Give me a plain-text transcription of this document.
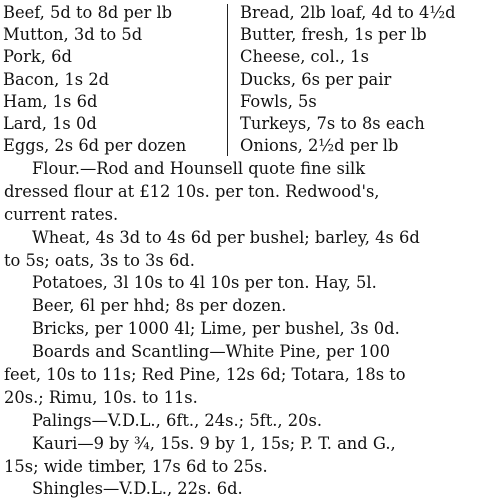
Beef, 5d to 8d per lb
Mutton, 3d to 5d
Pork, 6d
Bacon, 1s 2d
Ham, 1s 6d
Lard, 1s 0d
Eggs, 2s 6d per dozen
Bread, 2lb loaf, 4d to 4½d
Butter, fresh, 1s per lb
Cheese, col., 1s
Ducks, 6s per pair
Fowls, 5s
Turkeys, 7s to 8s each
Onions, 2½d per lb
Flour.—Rod and Hounsell quote fine silk
dressed flour at £12 10s. per ton. Redwood's,
current rates.
Wheat, 4s 3d to 4s 6d per bushel; barley, 4s 6d
to 5s; oats, 3s to 3s 6d.
Potatoes, 3l 10s to 4l 10s per ton. Hay, 5l.
Beer, 6l per hhd; 8s per dozen.
Bricks, per 1000 4l; Lime, per bushel, 3s 0d.
Boards and Scantling—White Pine, per 100
feet, 10s to 11s; Red Pine, 12s 6d; Totara, 18s to
20s.; Rimu, 10s. to 11s.
Palings—V.D.L., 6ft., 24s.; 5ft., 20s.
Kauri—9 by ¾, 15s. 9 by 1, 15s; P. T. and G.,
15s; wide timber, 17s 6d to 25s.
Shingles—V.D.L., 22s. 6d.
